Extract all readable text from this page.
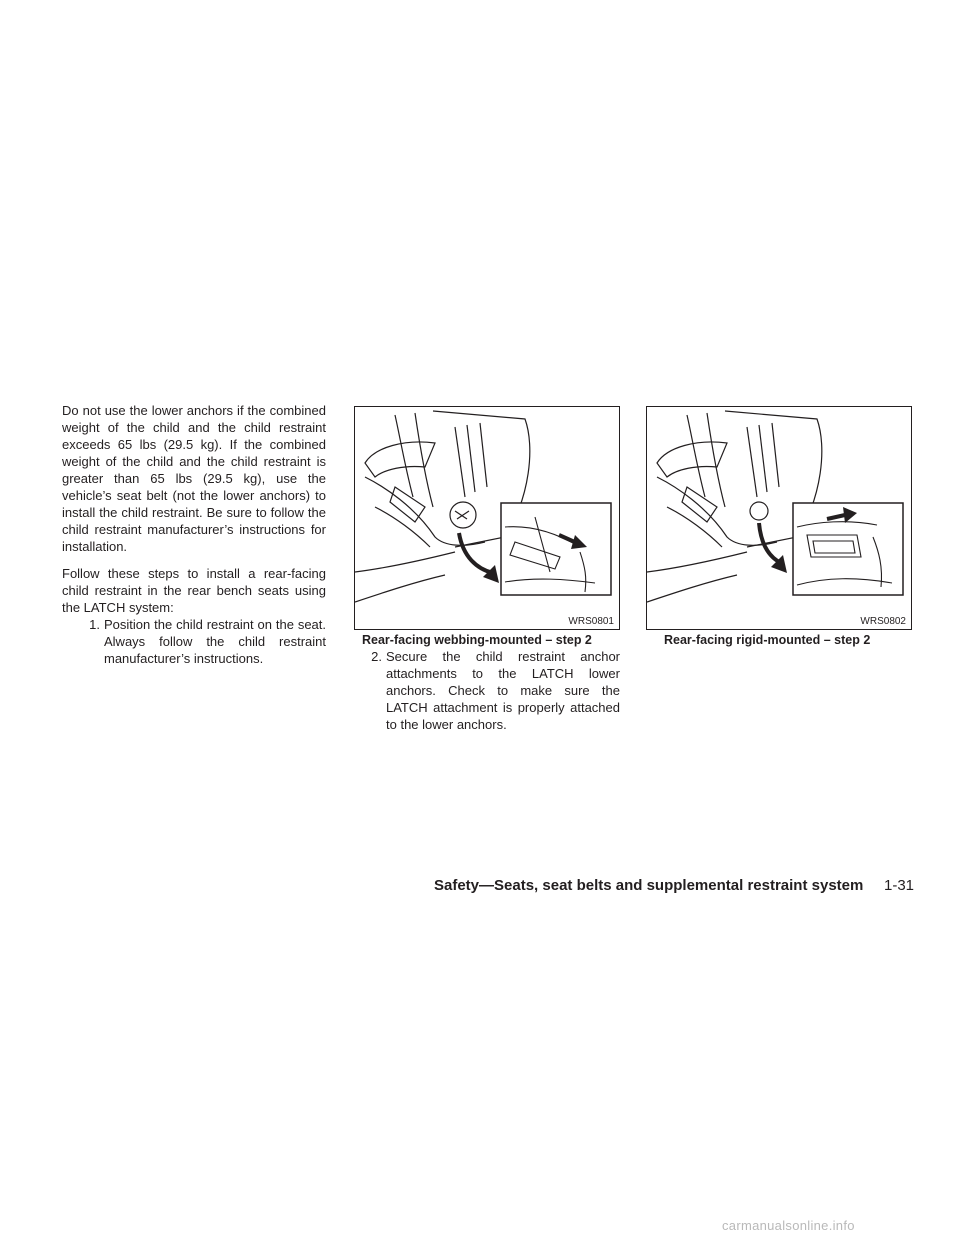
Do not use the lower anchors if the combined weight of the child and the child restraint exceeds 65 lbs (29.5 kg). If the combined weight of the child and the child restraint is greater than 65 lbs (29.5 kg), use the vehicle’s seat belt (not the lower anchors) to install the child restraint. Be sure to follow the child restraint manufacturer’s instructions for installation.

Follow these steps to install a rear-facing child restraint in the rear bench seats using the LATCH system:

1. Position the child restraint on the seat. Always follow the child restraint manufacturer’s instructions.
WRS0801
Rear-facing webbing-mounted – step 2
WRS0802
Rear-facing rigid-mounted – step 2
2. Secure the child restraint anchor attachments to the LATCH lower anchors. Check to make sure the LATCH attachment is properly attached to the lower anchors.
Safety—Seats, seat belts and supplemental restraint system 1-31
carmanualsonline.info
